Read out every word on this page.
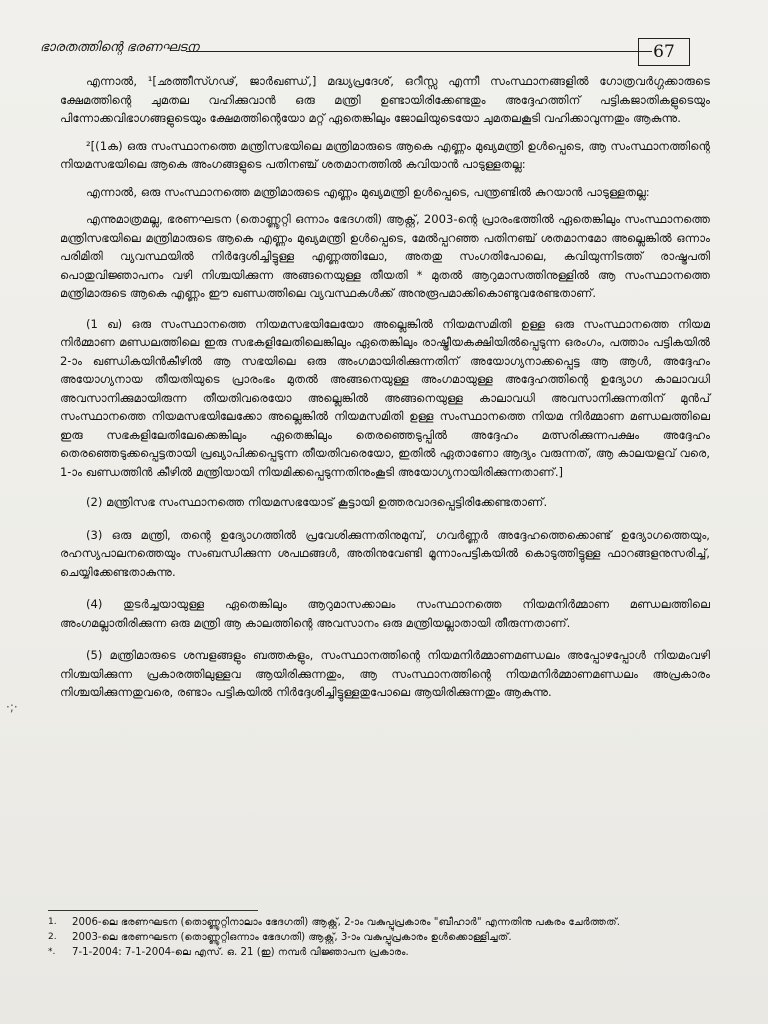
ഭാരതത്തിന്റെ ഭരണഘടന	67

എന്നാൽ, ¹[ഛത്തീസ്ഗഢ്, ജാർഖണ്ഡ്,] മദ്ധ്യപ്രദേശ്, ഒറീസ്സ എന്നീ സംസ്ഥാനങ്ങളിൽ ഗോത്രവർഗ്ഗക്കാരുടെ ക്ഷേമത്തിന്റെ ചുമതല വഹിക്കുവാൻ ഒരു മന്ത്രി ഉണ്ടായിരിക്കേണ്ടതും അദ്ദേഹത്തിന് പട്ടികജാതികളുടെയും പിന്നോക്കവിഭാഗങ്ങളുടെയും ക്ഷേമത്തിന്റെയോ മറ്റ് ഏതെങ്കിലും ജോലിയുടെയോ ചുമതലകൂടി വഹിക്കാവുന്നതും ആകുന്നു.

²[(1ക) ഒരു സംസ്ഥാനത്തെ മന്ത്രിസഭയിലെ മന്ത്രിമാരുടെ ആകെ എണ്ണം മുഖ്യമന്ത്രി ഉൾപ്പെടെ, ആ സംസ്ഥാനത്തിന്റെ നിയമസഭയിലെ ആകെ അംഗങ്ങളുടെ പതിനഞ്ച് ശതമാനത്തിൽ കവിയാൻ പാടുള്ളതല്ല:

എന്നാൽ, ഒരു സംസ്ഥാനത്തെ മന്ത്രിമാരുടെ എണ്ണം മുഖ്യമന്ത്രി ഉൾപ്പെടെ, പന്ത്രണ്ടിൽ കുറയാൻ പാടുള്ളതല്ല:

എന്നുമാത്രമല്ല, ഭരണഘടന (തൊണ്ണൂറ്റി ഒന്നാം ഭേദഗതി) ആക്റ്റ്, 2003-ന്റെ പ്രാരംഭത്തിൽ ഏതെങ്കിലും സംസ്ഥാനത്തെ മന്ത്രിസഭയിലെ മന്ത്രിമാരുടെ ആകെ എണ്ണം മുഖ്യമന്ത്രി ഉൾപ്പെടെ, മേൽപ്പറഞ്ഞ പതിനഞ്ച് ശതമാനമോ അല്ലെങ്കിൽ ഒന്നാം പരിമിതി വ്യവസ്ഥയിൽ നിർദ്ദേശിച്ചിട്ടുള്ള എണ്ണത്തിലോ, അതതു സംഗതിപോലെ, കവിയുന്നിടത്ത് രാഷ്ട്രപതി പൊതുവിജ്ഞാപനം വഴി നിശ്ചയിക്കുന്ന അങ്ങനെയുള്ള തീയതി * മുതൽ ആറുമാസത്തിനുള്ളിൽ ആ സംസ്ഥാനത്തെ മന്ത്രിമാരുടെ ആകെ എണ്ണം ഈ ഖണ്ഡത്തിലെ വ്യവസ്ഥകൾക്ക് അനുരൂപമാക്കികൊണ്ടുവരേണ്ടതാണ്.

(1 ഖ) ഒരു സംസ്ഥാനത്തെ നിയമസഭയിലേയോ അല്ലെങ്കിൽ നിയമസമിതി ഉള്ള ഒരു സംസ്ഥാനത്തെ നിയമ നിർമ്മാണ മണ്ഡലത്തിലെ ഇരു സഭകളിലേതിലെങ്കിലും ഏതെങ്കിലും രാഷ്ട്രീയകക്ഷിയിൽപ്പെടുന്ന ഒരംഗം, പത്താം പട്ടികയിൽ 2-ാം ഖണ്ഡികയിൻകീഴിൽ ആ സഭയിലെ ഒരു അംഗമായിരിക്കുന്നതിന് അയോഗ്യനാക്കപ്പെട്ട ആ ആൾ, അദ്ദേഹം അയോഗ്യനായ തീയതിയുടെ പ്രാരംഭം മുതൽ അങ്ങനെയുള്ള അംഗമായുള്ള അദ്ദേഹത്തിന്റെ ഉദ്യോഗ കാലാവധി അവസാനിക്കുമായിരുന്ന തീയതിവരെയോ അല്ലെങ്കിൽ അങ്ങനെയുള്ള കാലാവധി അവസാനിക്കുന്നതിന് മുൻപ് സംസ്ഥാനത്തെ നിയമസഭയിലേക്കോ അല്ലെങ്കിൽ നിയമസമിതി ഉള്ള സംസ്ഥാനത്തെ നിയമ നിർമ്മാണ മണ്ഡലത്തിലെ ഇരു സഭകളിലേതിലേക്കെങ്കിലും ഏതെങ്കിലും തെരഞ്ഞെടുപ്പിൽ അദ്ദേഹം മത്സരിക്കുന്നപക്ഷം അദ്ദേഹം തെരഞ്ഞെടുക്കപ്പെട്ടതായി പ്രഖ്യാപിക്കപ്പെടുന്ന തീയതിവരെയോ, ഇതിൽ ഏതാണോ ആദ്യം വരുന്നത്, ആ കാലയളവ് വരെ, 1-ാം ഖണ്ഡത്തിൻ കീഴിൽ മന്ത്രിയായി നിയമിക്കപ്പെടുന്നതിനുംകൂടി അയോഗ്യനായിരിക്കുന്നതാണ്.]

(2) മന്ത്രിസഭ സംസ്ഥാനത്തെ നിയമസഭയോട് കൂട്ടായി ഉത്തരവാദപ്പെട്ടിരിക്കേണ്ടതാണ്.

(3) ഒരു മന്ത്രി, തന്റെ ഉദ്യോഗത്തിൽ പ്രവേശിക്കുന്നതിനുമുമ്പ്, ഗവർണ്ണർ അദ്ദേഹത്തെക്കൊണ്ട് ഉദ്യോഗത്തെയും, രഹസ്യപാലനത്തെയും സംബന്ധിക്കുന്ന ശപഥങ്ങൾ, അതിനുവേണ്ടി മൂന്നാംപട്ടികയിൽ കൊടുത്തിട്ടുള്ള ഫാറങ്ങളനുസരിച്ച്, ചെയ്യിക്കേണ്ടതാകുന്നു.

(4) തുടർച്ചയായുള്ള ഏതെങ്കിലും ആറുമാസക്കാലം സംസ്ഥാനത്തെ നിയമനിർമ്മാണ മണ്ഡലത്തിലെ അംഗമല്ലാതിരിക്കുന്ന ഒരു മന്ത്രി ആ കാലത്തിന്റെ അവസാനം ഒരു മന്ത്രിയല്ലാതായി തീരുന്നതാണ്.

(5) മന്ത്രിമാരുടെ ശമ്പളങ്ങളും ബത്തകളും, സംസ്ഥാനത്തിന്റെ നിയമനിർമ്മാണമണ്ഡലം അപ്പോഴപ്പോൾ നിയമംവഴി നിശ്ചയിക്കുന്ന പ്രകാരത്തിലുള്ളവ ആയിരിക്കുന്നതും, ആ സംസ്ഥാനത്തിന്റെ നിയമനിർമ്മാണമണ്ഡലം അപ്രകാരം നിശ്ചയിക്കുന്നതുവരെ, രണ്ടാം പട്ടികയിൽ നിർദ്ദേശിച്ചിട്ടുള്ളതുപോലെ ആയിരിക്കുന്നതും ആകുന്നു.

·;·
1. 2006-ലെ ഭരണഘടന (തൊണ്ണൂറ്റിനാലാം ഭേദഗതി) ആക്റ്റ്, 2-ാം വകുപ്പുപ്രകാരം "ബീഹാർ" എന്നതിനു പകരം ചേർത്തത്.
2. 2003-ലെ ഭരണഘടന (തൊണ്ണൂറ്റിഒന്നാം ഭേദഗതി) ആക്റ്റ്, 3-ാം വകുപ്പുപ്രകാരം ഉൾക്കൊള്ളിച്ചത്.
*. 7-1-2004: 7-1-2004-ലെ എസ്. ഒ. 21 (ഇ) നമ്പർ വിജ്ഞാപന പ്രകാരം.
